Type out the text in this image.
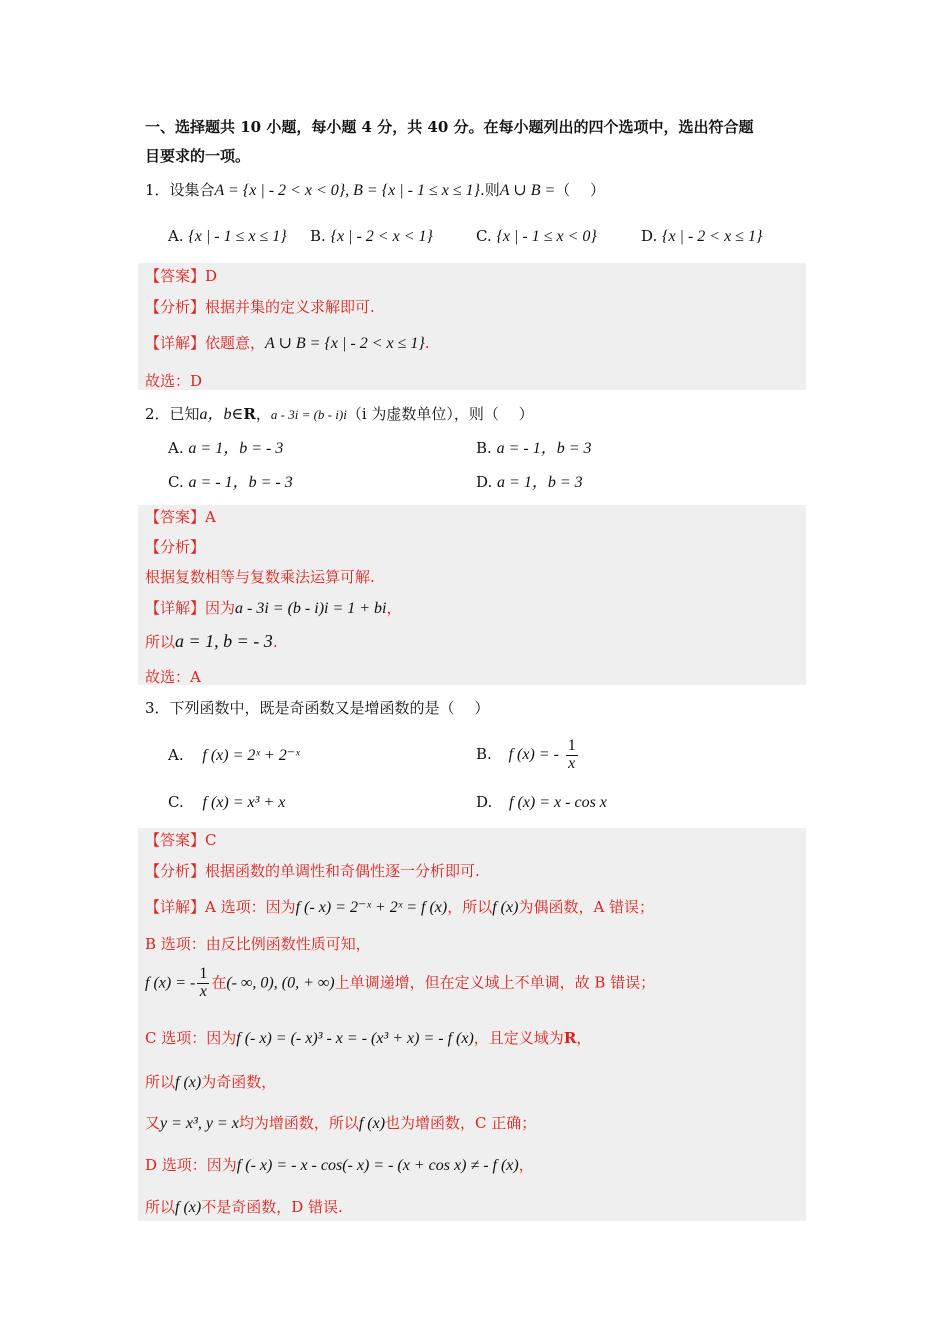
一、选择题共 10 小题，每小题 4 分，共 40 分。在每小题列出的四个选项中，选出符合题
目要求的一项。
1．设集合A = {x | - 2 < x < 0}, B = {x | - 1 ≤ x ≤ 1}.则A ∪ B =（　 ）
A. {x | - 1 ≤ x ≤ 1} B. {x | - 2 < x < 1}	C. {x | - 1 ≤ x < 0}	D. {x | - 2 < x ≤ 1}
【答案】D
【分析】根据并集的定义求解即可.
【详解】依题意，A ∪ B = {x | - 2 < x ≤ 1}.
故选：D
2．已知a，b∈R，a - 3i = (b - i)i（i 为虚数单位），则（　 ）
A. a = 1，b = - 3	B. a = - 1，b = 3
C. a = - 1，b = - 3	D. a = 1，b = 3
【答案】A
【分析】
根据复数相等与复数乘法运算可解.
【详解】因为a - 3i = (b - i)i = 1 + bi，
所以a = 1, b = - 3.
故选：A
3．下列函数中，既是奇函数又是增函数的是（　 ）
A. f (x) = 2ˣ + 2⁻ˣ	B. f (x) = - $\frac{1}{x}$
C. f (x) = x³ + x	D. f (x) = x - cos x
【答案】C
【分析】根据函数的单调性和奇偶性逐一分析即可.
【详解】A 选项：因为f (- x) = 2⁻ˣ + 2ˣ = f (x)，所以f (x)为偶函数，A 错误；
B 选项：由反比例函数性质可知，
f (x) = - $\frac{1}{x}$ 在(- ∞, 0), (0, + ∞)上单调递增，但在定义域上不单调，故 B 错误；
C 选项：因为f (- x) = (- x)³ - x = - (x³ + x) = - f (x)，且定义域为R，
所以f (x)为奇函数，
又y = x³, y = x均为增函数，所以f (x)也为增函数，C 正确；
D 选项：因为f (- x) = - x - cos(- x) = - (x + cos x) ≠ - f (x)，
所以f (x)不是奇函数，D 错误.
